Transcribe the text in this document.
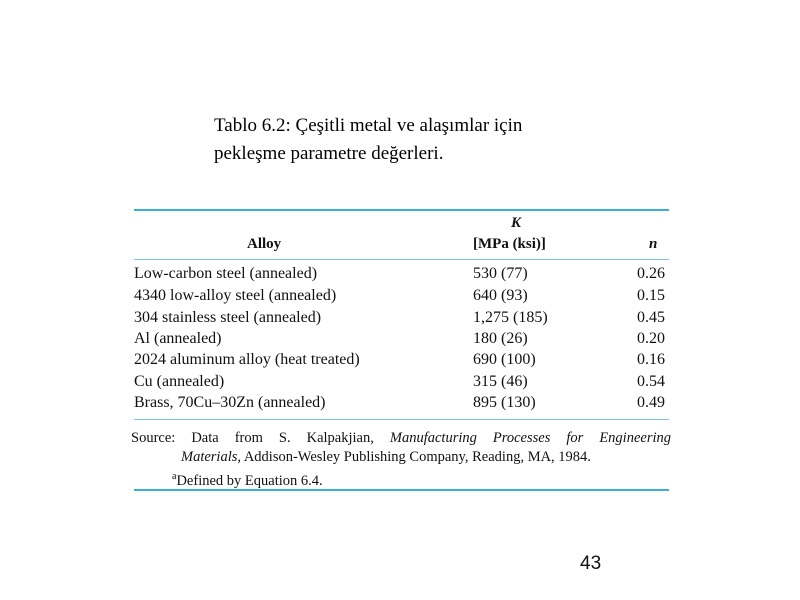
Tablo 6.2: Çeşitli metal ve alaşımlar için
pekleşme parametre değerleri.
K
Alloy	[MPa (ksi)]	n
Low-carbon steel (annealed)	530 (77)	0.26
4340 low-alloy steel (annealed)	640 (93)	0.15
304 stainless steel (annealed)	1,275 (185)	0.45
Al (annealed)	180 (26)	0.20
2024 aluminum alloy (heat treated)	690 (100)	0.16
Cu (annealed)	315 (46)	0.54
Brass, 70Cu–30Zn (annealed)	895 (130)	0.49
Source: Data from S. Kalpakjian, Manufacturing Processes for Engineering
Materials, Addison-Wesley Publishing Company, Reading, MA, 1984.
$^a$Defined by Equation 6.4.
43
